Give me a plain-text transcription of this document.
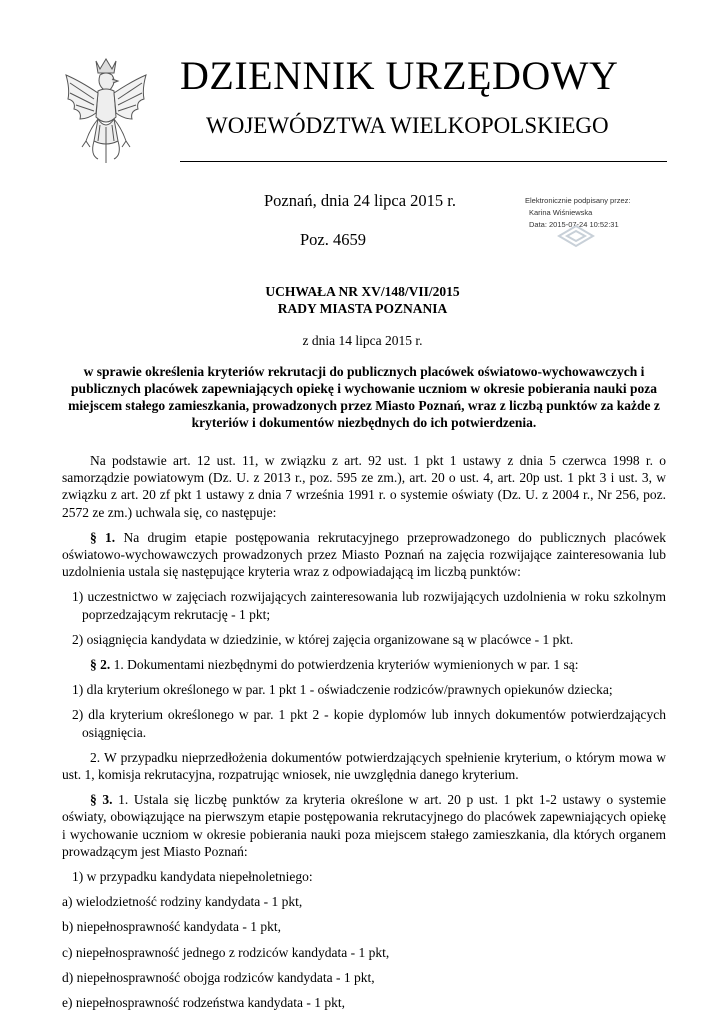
DZIENNIK URZĘDOWY
WOJEWÓDZTWA WIELKOPOLSKIEGO
Poznań, dnia 24 lipca 2015 r.
Poz. 4659
Elektronicznie podpisany przez:
Karina Wiśniewska
Data: 2015-07-24 10:52:31
UCHWAŁA NR XV/148/VII/2015
RADY MIASTA POZNANIA
z dnia 14 lipca 2015 r.
w sprawie określenia kryteriów rekrutacji do publicznych placówek oświatowo-wychowawczych i publicznych placówek zapewniających opiekę i wychowanie uczniom w okresie pobierania nauki poza miejscem stałego zamieszkania, prowadzonych przez Miasto Poznań, wraz z liczbą punktów za każde z kryteriów i dokumentów niezbędnych do ich potwierdzenia.

Na podstawie art. 12 ust. 11, w związku z art. 92 ust. 1 pkt 1 ustawy z dnia 5 czerwca 1998 r. o samorządzie powiatowym (Dz. U. z 2013 r., poz. 595 ze zm.), art. 20 o ust. 4, art. 20p ust. 1 pkt 3 i ust. 3, w związku z art. 20 zf pkt 1 ustawy z dnia 7 września 1991 r. o systemie oświaty (Dz. U. z 2004 r., Nr 256, poz. 2572 ze zm.) uchwala się, co następuje:

§ 1. Na drugim etapie postępowania rekrutacyjnego przeprowadzonego do publicznych placówek oświatowo-wychowawczych prowadzonych przez Miasto Poznań na zajęcia rozwijające zainteresowania lub uzdolnienia ustala się następujące kryteria wraz z odpowiadającą im liczbą punktów:

1) uczestnictwo w zajęciach rozwijających zainteresowania lub rozwijających uzdolnienia w roku szkolnym poprzedzającym rekrutację - 1 pkt;

2) osiągnięcia kandydata w dziedzinie, w której zajęcia organizowane są w placówce - 1 pkt.

§ 2. 1. Dokumentami niezbędnymi do potwierdzenia kryteriów wymienionych w par. 1 są:

1) dla kryterium określonego w par. 1 pkt 1 - oświadczenie rodziców/prawnych opiekunów dziecka;

2) dla kryterium określonego w par. 1 pkt 2 - kopie dyplomów lub innych dokumentów potwierdzających osiągnięcia.

2. W przypadku nieprzedłożenia dokumentów potwierdzających spełnienie kryterium, o którym mowa w ust. 1, komisja rekrutacyjna, rozpatrując wniosek, nie uwzględnia danego kryterium.

§ 3. 1. Ustala się liczbę punktów za kryteria określone w art. 20 p ust. 1 pkt 1-2 ustawy o systemie oświaty, obowiązujące na pierwszym etapie postępowania rekrutacyjnego do placówek zapewniających opiekę i wychowanie uczniom w okresie pobierania nauki poza miejscem stałego zamieszkania, dla których organem prowadzącym jest Miasto Poznań:

1) w przypadku kandydata niepełnoletniego:

a) wielodzietność rodziny kandydata - 1 pkt,

b) niepełnosprawność kandydata - 1 pkt,

c) niepełnosprawność jednego z rodziców kandydata - 1 pkt,

d) niepełnosprawność obojga rodziców kandydata - 1 pkt,

e) niepełnosprawność rodzeństwa kandydata - 1 pkt,
